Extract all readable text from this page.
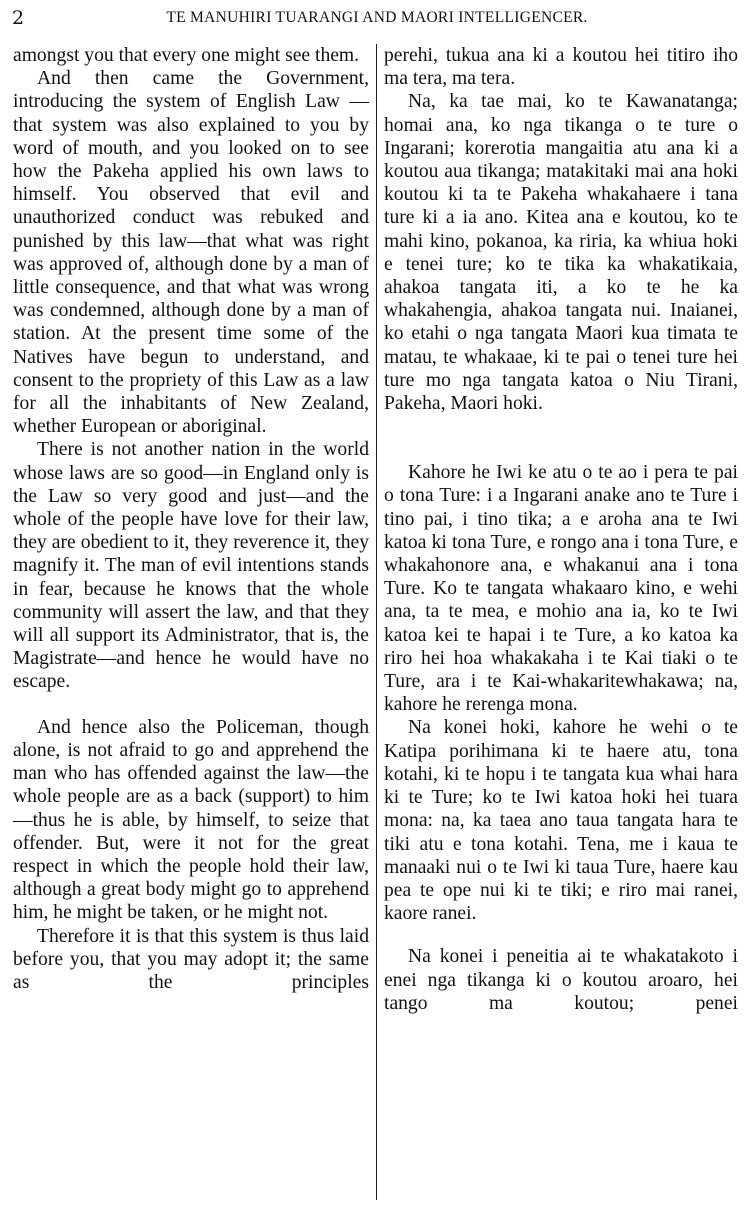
2	TE MANUHIRI TUARANGI AND MAORI INTELLIGENCER.

amongst you that every one might see them.

And then came the Government, introducing the system of English Law —that system was also explained to you by word of mouth, and you looked on to see how the Pakeha applied his own laws to himself. You observed that evil and unauthorized conduct was rebuked and punished by this law—that what was right was approved of, although done by a man of little consequence, and that what was wrong was condemned, although done by a man of station. At the present time some of the Natives have begun to understand, and consent to the propriety of this Law as a law for all the inhabitants of New Zealand, whether European or aboriginal.

There is not another nation in the world whose laws are so good—in England only is the Law so very good and just—and the whole of the people have love for their law, they are obedient to it, they reverence it, they magnify it. The man of evil intentions stands in fear, because he knows that the whole community will assert the law, and that they will all support its Administrator, that is, the Magistrate—and hence he would have no escape.

And hence also the Policeman, though alone, is not afraid to go and apprehend the man who has offended against the law—the whole people are as a back (support) to him—thus he is able, by himself, to seize that offender. But, were it not for the great respect in which the people hold their law, although a great body might go to apprehend him, he might be taken, or he might not.

Therefore it is that this system is thus laid before you, that you may adopt it; the same as the principles

perehi, tukua ana ki a koutou hei titiro iho ma tera, ma tera.

Na, ka tae mai, ko te Kawanatanga; homai ana, ko nga tikanga o te ture o Ingarani; korerotia mangaitia atu ana ki a koutou aua tikanga; matakitaki mai ana hoki koutou ki ta te Pakeha whakahaere i tana ture ki a ia ano. Kitea ana e koutou, ko te mahi kino, pokanoa, ka riria, ka whiua hoki e tenei ture; ko te tika ka whakatikaia, ahakoa tangata iti, a ko te he ka whakahengia, ahakoa tangata nui. Inaianei, ko etahi o nga tangata Maori kua timata te matau, te whakaae, ki te pai o tenei ture hei ture mo nga tangata katoa o Niu Tirani, Pakeha, Maori hoki.

Kahore he Iwi ke atu o te ao i pera te pai o tona Ture: i a Ingarani anake ano te Ture i tino pai, i tino tika; a e aroha ana te Iwi katoa ki tona Ture, e rongo ana i tona Ture, e whakahonore ana, e whakanui ana i tona Ture. Ko te tangata whakaaro kino, e wehi ana, ta te mea, e mohio ana ia, ko te Iwi katoa kei te hapai i te Ture, a ko katoa ka riro hei hoa whakakaha i te Kai tiaki o te Ture, ara i te Kai-whakaritewhakawa; na, kahore he rerenga mona.

Na konei hoki, kahore he wehi o te Katipa porihimana ki te haere atu, tona kotahi, ki te hopu i te tangata kua whai hara ki te Ture; ko te Iwi katoa hoki hei tuara mona: na, ka taea ano taua tangata hara te tiki atu e tona kotahi. Tena, me i kaua te manaaki nui o te Iwi ki taua Ture, haere kau pea te ope nui ki te tiki; e riro mai ranei, kaore ranei.

Na konei i peneitia ai te whakatakoto i enei nga tikanga ki o koutou aroaro, hei tango ma koutou; penei
